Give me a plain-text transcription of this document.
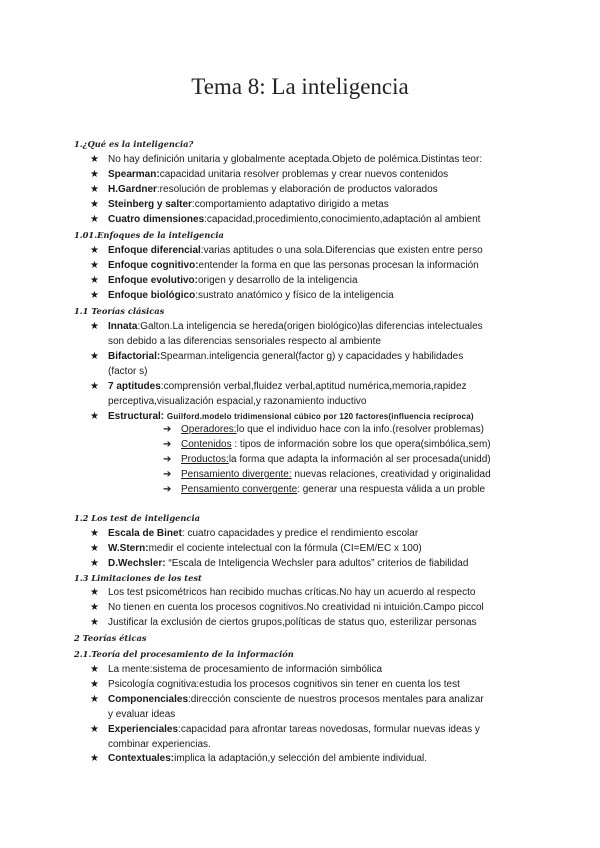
Tema 8: La inteligencia
1.¿Qué es la inteligencia?
★ No hay definición unitaria y globalmente aceptada.Objeto de polémica.Distintas teor:
★ Spearman:capacidad unitaria resolver problemas y crear nuevos contenidos
★ H.Gardner:resolución de problemas y elaboración de productos valorados
★ Steinberg y salter:comportamiento adaptativo dirigido a metas
★ Cuatro dimensiones:capacidad,procedimiento,conocimiento,adaptación al ambient
1.01.Enfoques de la inteligencia
★ Enfoque diferencial:varias aptitudes o una sola.Diferencias que existen entre perso
★ Enfoque cognitivo:entender la forma en que las personas procesan la información
★ Enfoque evolutivo:origen y desarrollo de la inteligencia
★ Enfoque biológico:sustrato anatómico y físico de la inteligencia
1.1 Teorías clásicas
★ Innata:Galton.La inteligencia se hereda(origen biológico)las diferencias intelectuales
son debido a las diferencias sensoriales respecto al ambiente
★ Bifactorial:Spearman.inteligencia general(factor g) y capacidades y habilidades
(factor s)
★ 7 aptitudes:comprensión verbal,fluidez verbal,aptitud numérica,memoria,rapidez
perceptiva,visualización espacial,y razonamiento inductivo
★ Estructural: Guilford.modelo tridimensional cúbico por 120 factores(influencia recíproca)
➔ Operadores:lo que el individuo hace con la info.(resolver problemas)
➔ Contenidos : tipos de información sobre los que opera(simbólica,sem)
➔ Productos:la forma que adapta la información al ser procesada(unidd)
➔ Pensamiento divergente: nuevas relaciones, creatividad y originalidad
➔ Pensamiento convergente: generar una respuesta válida a un proble
1.2 Los test de inteligencia
★ Escala de Binet: cuatro capacidades y predice el rendimiento escolar
★ W.Stern:medir el cociente intelectual con la fórmula (CI=EM/EC x 100)
★ D.Wechsler: “Escala de Inteligencia Wechsler para adultos” criterios de fiabilidad
1.3 Limitaciones de los test
★ Los test psicométricos han recibido muchas críticas.No hay un acuerdo al respecto
★ No tienen en cuenta los procesos cognitivos.No creatividad ni intuición.Campo piccol
★ Justificar la exclusión de ciertos grupos,políticas de status quo, esterilizar personas
2 Teorías éticas
2.1.Teoría del procesamiento de la información
★ La mente:sistema de procesamiento de información simbólica
★ Psicología cognitiva:estudia los procesos cognitivos sin tener en cuenta los test
★ Componenciales:dirección consciente de nuestros procesos mentales para analizar
y evaluar ideas
★ Experienciales:capacidad para afrontar tareas novedosas, formular nuevas ideas y
combinar experiencias.
★ Contextuales:implica la adaptación,y selección del ambiente individual.
